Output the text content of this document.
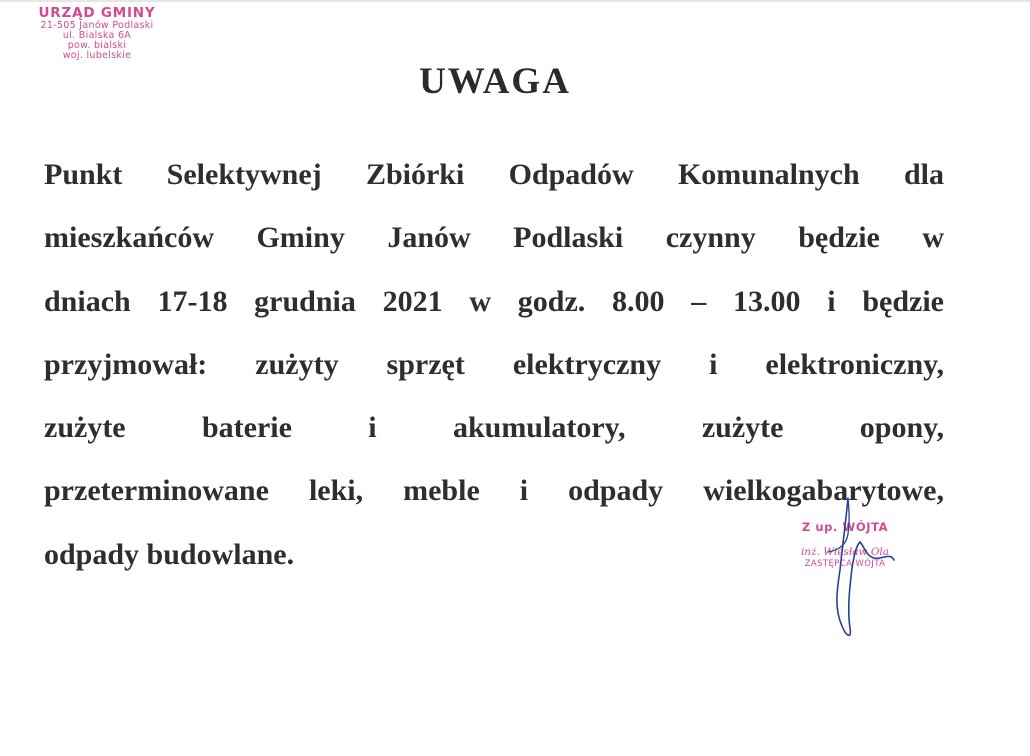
URZĄD GMINY
21-505 Janów Podlaski
ul. Bialska 6A
pow. bialski
woj. lubelskie
UWAGA

Punkt Selektywnej Zbiórki Odpadów Komunalnych dla
mieszkańców Gminy Janów Podlaski czynny będzie w
dniach 17-18 grudnia 2021 w godz. 8.00 – 13.00 i będzie
przyjmował: zużyty sprzęt elektryczny i elektroniczny,
zużyte baterie i akumulatory, zużyte opony,
przeterminowane leki, meble i odpady wielkogabarytowe,
odpady budowlane.

Z up. WÓJTA
inż. Wiesław Ola
ZASTĘPCA WÓJTA
